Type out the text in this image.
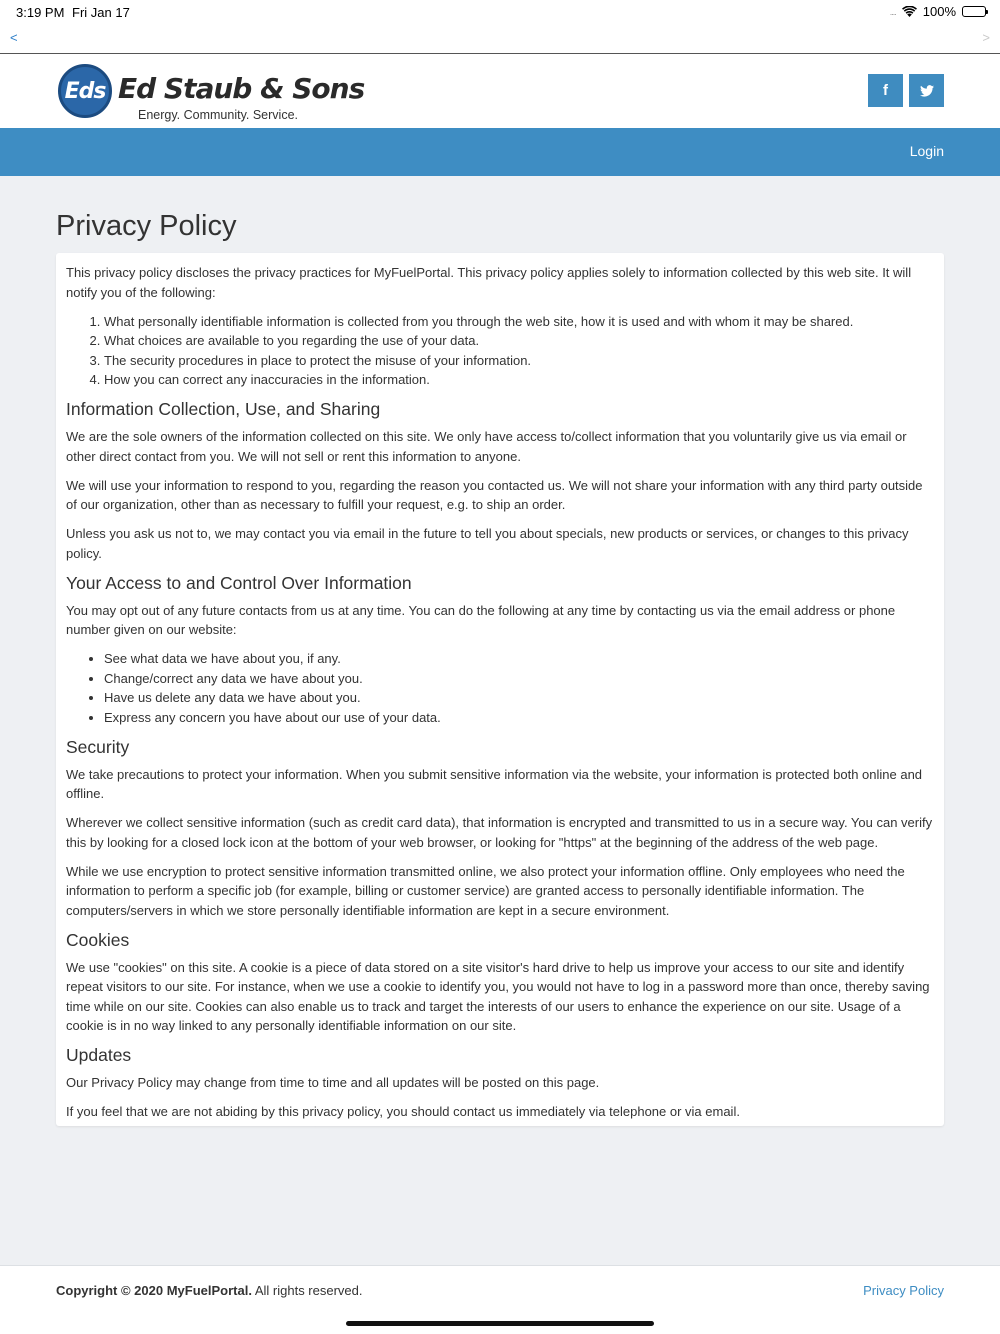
3:19 PM Fri Jan 17	.... 100%
<	>
Eds Ed Staub & Sons
Energy. Community. Service.
f
Login
Privacy Policy

This privacy policy discloses the privacy practices for MyFuelPortal. This privacy policy applies solely to information collected by this web site. It will notify you of the following:

1. What personally identifiable information is collected from you through the web site, how it is used and with whom it may be shared.
2. What choices are available to you regarding the use of your data.
3. The security procedures in place to protect the misuse of your information.
4. How you can correct any inaccuracies in the information.
Information Collection, Use, and Sharing

We are the sole owners of the information collected on this site. We only have access to/collect information that you voluntarily give us via email or other direct contact from you. We will not sell or rent this information to anyone.

We will use your information to respond to you, regarding the reason you contacted us. We will not share your information with any third party outside of our organization, other than as necessary to fulfill your request, e.g. to ship an order.

Unless you ask us not to, we may contact you via email in the future to tell you about specials, new products or services, or changes to this privacy policy.

Your Access to and Control Over Information

You may opt out of any future contacts from us at any time. You can do the following at any time by contacting us via the email address or phone number given on our website:

• See what data we have about you, if any.
• Change/correct any data we have about you.
• Have us delete any data we have about you.
• Express any concern you have about our use of your data.
Security

We take precautions to protect your information. When you submit sensitive information via the website, your information is protected both online and offline.

Wherever we collect sensitive information (such as credit card data), that information is encrypted and transmitted to us in a secure way. You can verify this by looking for a closed lock icon at the bottom of your web browser, or looking for "https" at the beginning of the address of the web page.

While we use encryption to protect sensitive information transmitted online, we also protect your information offline. Only employees who need the information to perform a specific job (for example, billing or customer service) are granted access to personally identifiable information. The computers/servers in which we store personally identifiable information are kept in a secure environment.

Cookies

We use "cookies" on this site. A cookie is a piece of data stored on a site visitor's hard drive to help us improve your access to our site and identify repeat visitors to our site. For instance, when we use a cookie to identify you, you would not have to log in a password more than once, thereby saving time while on our site. Cookies can also enable us to track and target the interests of our users to enhance the experience on our site. Usage of a cookie is in no way linked to any personally identifiable information on our site.

Updates

Our Privacy Policy may change from time to time and all updates will be posted on this page.

If you feel that we are not abiding by this privacy policy, you should contact us immediately via telephone or via email.

Copyright © 2020 MyFuelPortal. All rights reserved.	Privacy Policy
